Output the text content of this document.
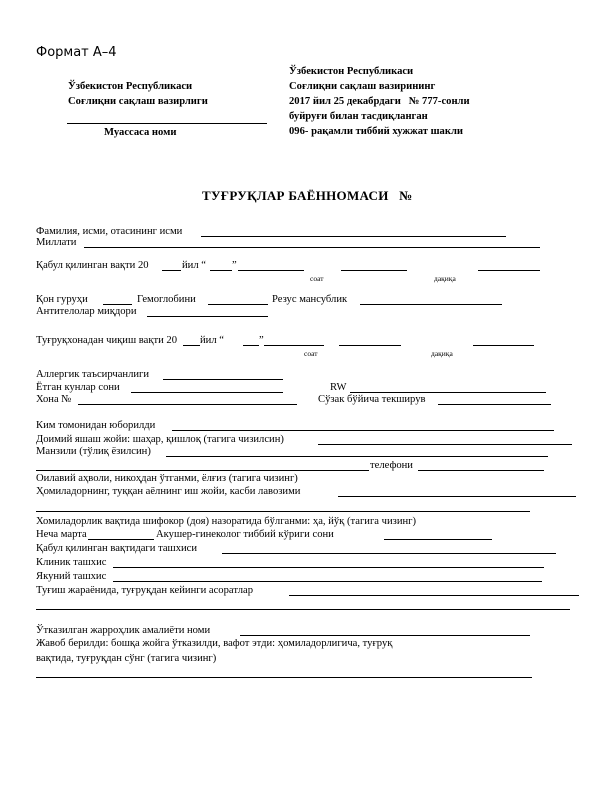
Формат А–4
Ўзбекистон Республикаси
Соғлиқни сақлаш вазирлиги
Муассаса номи
Ўзбекистон Республикаси
Соғлиқни сақлаш вазирининг
2017 йил 25 декабрдаги   № 777-сонли
буйруғи билан тасдиқланган
096- рақамли тиббий хужжат шакли
ТУҒРУҚЛАР БАЁННОМАСИ   №
Фамилия, исми, отасининг исми
Миллати
Қабул қилинган вақти 20	йил “ ”
соат	дақиқа
Қон гуруҳи	Гемоглобини	Резус мансублик
Антителолар миқдори
Туғруқхонадан чиқиш вақти 20 йил “	”
соат	дақиқа
Аллергик таъсирчанлиги
Ётган кунлар сони	RW
Хона №	Сўзак бўйича текширув
Ким томонидан юборилди
Доимий яшаш жойи: шаҳар, қишлоқ (тагига чизилсин)
Манзили (тўлиқ ёзилсин)
телефони
Оилавий аҳволи, никоҳдан ўтганми, ёлғиз (тагига чизинг)
Ҳомиладорнинг, туққан аёлнинг иш жойи, касби лавозими
Хомиладорлик вақтида шифокор (доя) назоратида бўлганми: ҳа, йўқ (тагига чизинг)
Неча марта	Акушер-гинеколог тиббий кўриги сони
Қабул қилинган вақтидаги ташхиси
Клиник ташхис
Якуний ташхис
Туғиш жараёнида, туғруқдан кейинги асоратлар
Ўтказилган жарроҳлик амалиёти номи
Жавоб берилди: бошқа жойга ўтказилди, вафот этди: ҳомиладорлигича, туғруқ
вақтида, туғруқдан сўнг (тагига чизинг)
